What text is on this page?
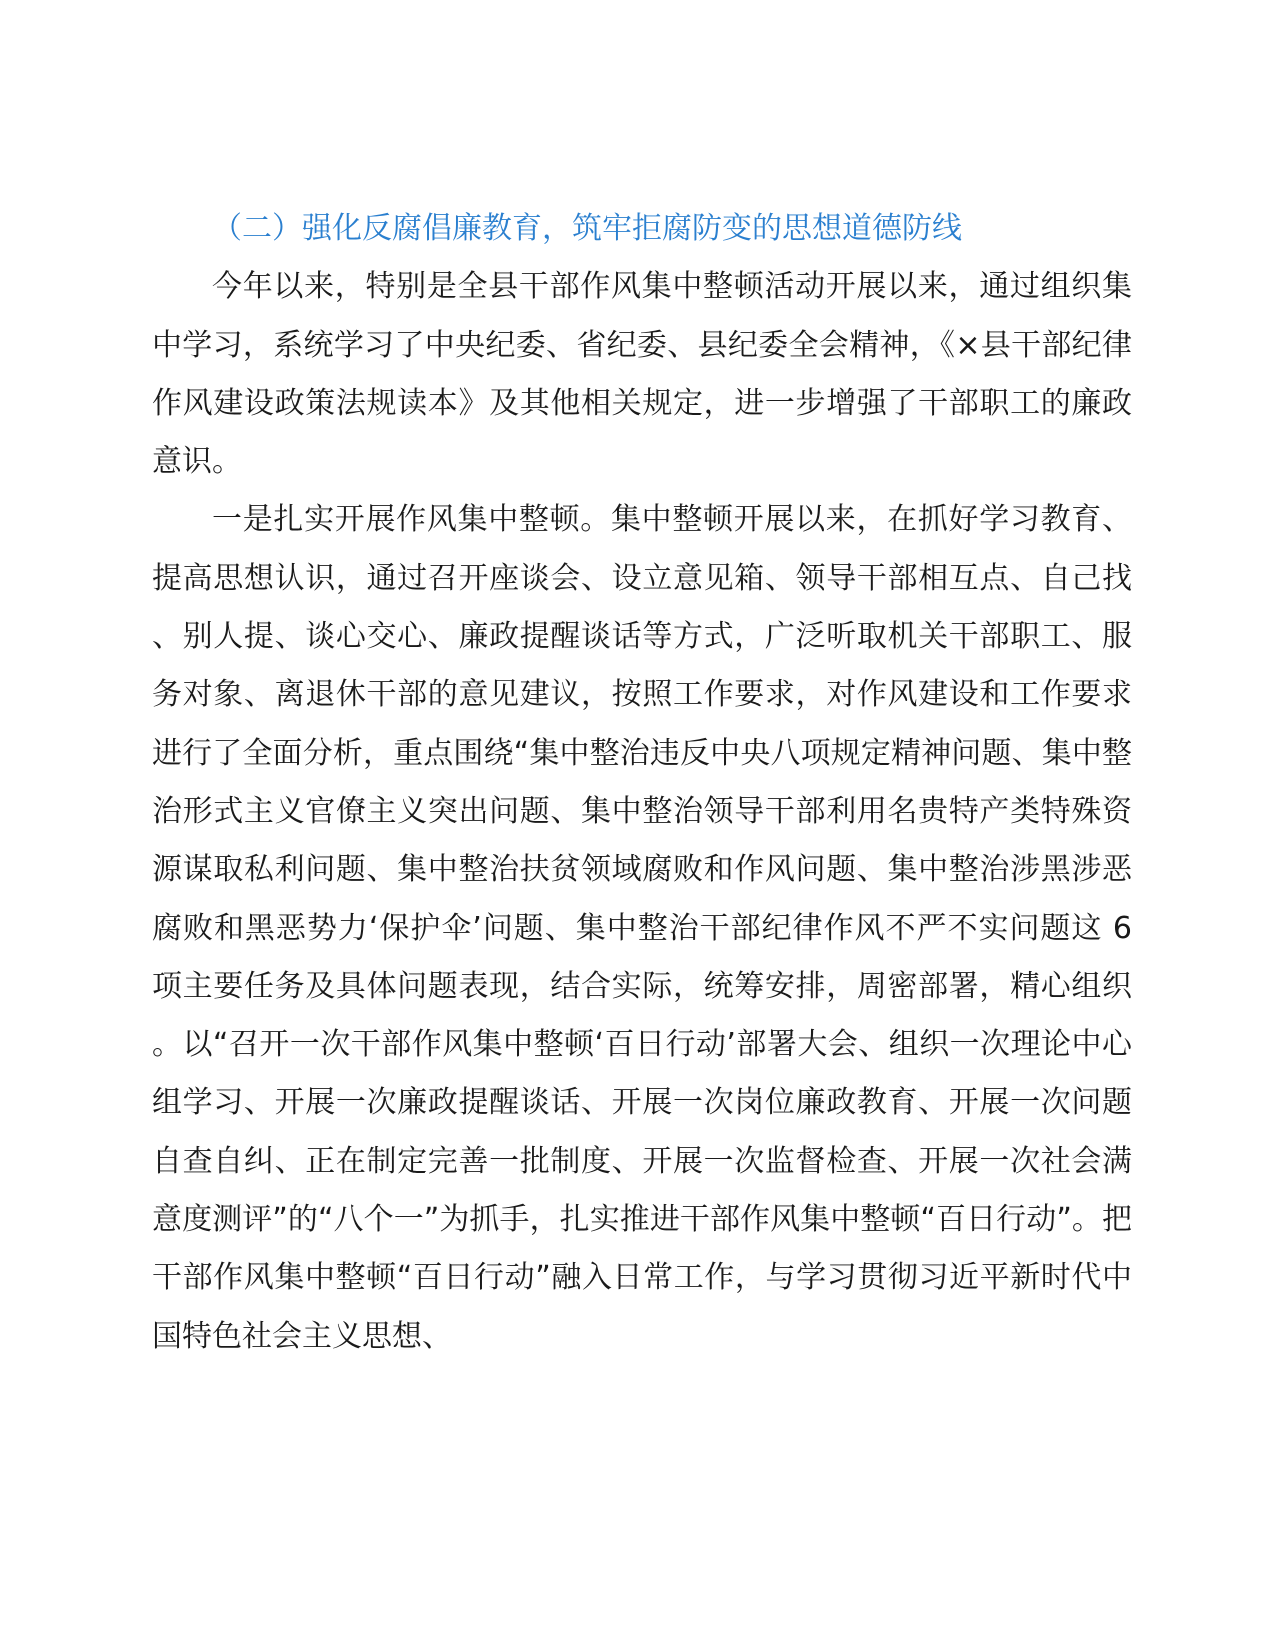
（二）强化反腐倡廉教育，筑牢拒腐防变的思想道德防线

今年以来，特别是全县干部作风集中整顿活动开展以来，通过组织集中学习，系统学习了中央纪委、省纪委、县纪委全会精神，《×县干部纪律作风建设政策法规读本》及其他相关规定，进一步增强了干部职工的廉政意识。

一是扎实开展作风集中整顿。集中整顿开展以来，在抓好学习教育、提高思想认识，通过召开座谈会、设立意见箱、领导干部相互点、自己找、别人提、谈心交心、廉政提醒谈话等方式，广泛听取机关干部职工、服务对象、离退休干部的意见建议，按照工作要求，对作风建设和工作要求进行了全面分析，重点围绕“集中整治违反中央八项规定精神问题、集中整治形式主义官僚主义突出问题、集中整治领导干部利用名贵特产类特殊资源谋取私利问题、集中整治扶贫领域腐败和作风问题、集中整治涉黑涉恶腐败和黑恶势力‘保护伞’问题、集中整治干部纪律作风不严不实问题这 6 项主要任务及具体问题表现，结合实际，统筹安排，周密部署，精心组织。以“召开一次干部作风集中整顿‘百日行动’部署大会、组织一次理论中心组学习、开展一次廉政提醒谈话、开展一次岗位廉政教育、开展一次问题自查自纠、正在制定完善一批制度、开展一次监督检查、开展一次社会满意度测评”的“八个一”为抓手，扎实推进干部作风集中整顿“百日行动”。把干部作风集中整顿“百日行动”融入日常工作，与学习贯彻习近平新时代中国特色社会主义思想、
